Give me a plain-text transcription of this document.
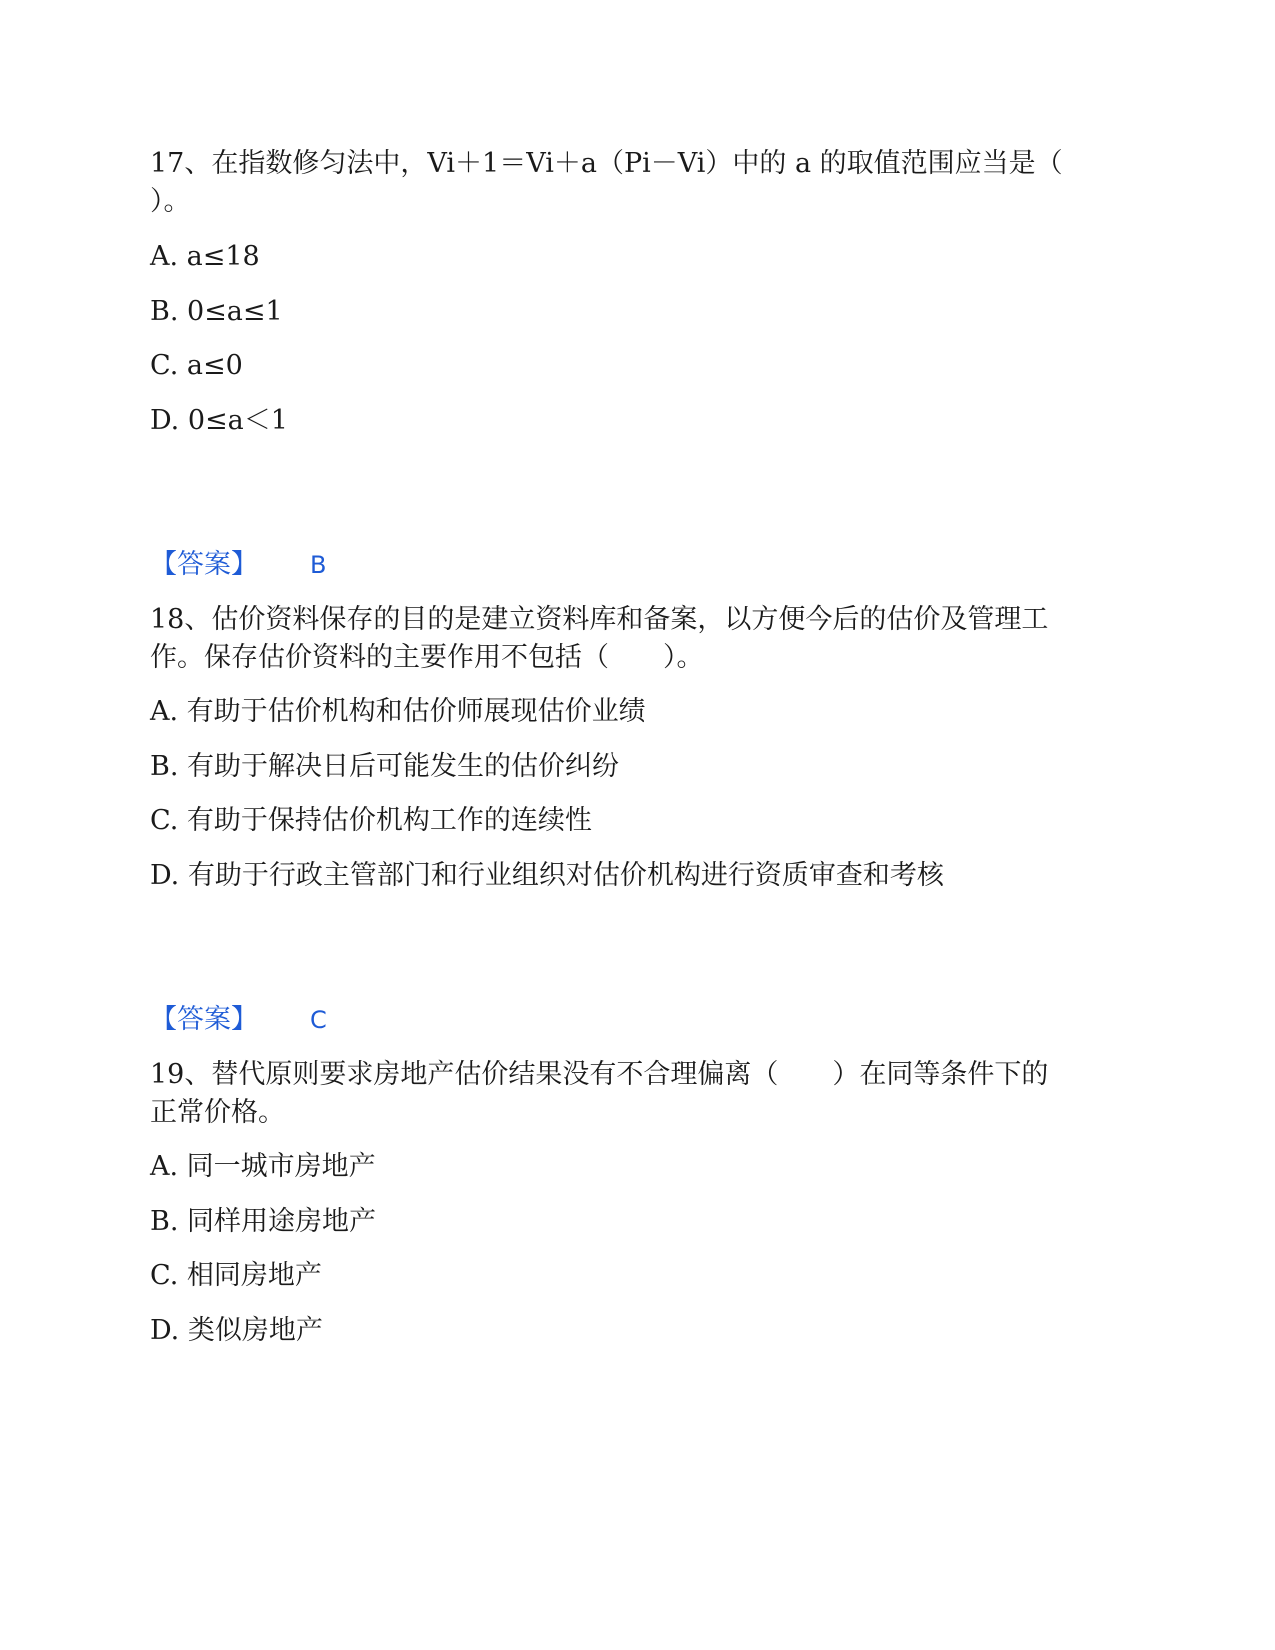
17、在指数修匀法中，Vi＋1＝Vi＋a（Pi－Vi）中的 a 的取值范围应当是（
）。
A. a≤18
B. 0≤a≤1
C. a≤0
D. 0≤a＜1
【答案】 B
18、估价资料保存的目的是建立资料库和备案，以方便今后的估价及管理工
作。保存估价资料的主要作用不包括（　　）。
A. 有助于估价机构和估价师展现估价业绩
B. 有助于解决日后可能发生的估价纠纷
C. 有助于保持估价机构工作的连续性
D. 有助于行政主管部门和行业组织对估价机构进行资质审查和考核
【答案】 C
19、替代原则要求房地产估价结果没有不合理偏离（　　）在同等条件下的
正常价格。
A. 同一城市房地产
B. 同样用途房地产
C. 相同房地产
D. 类似房地产
